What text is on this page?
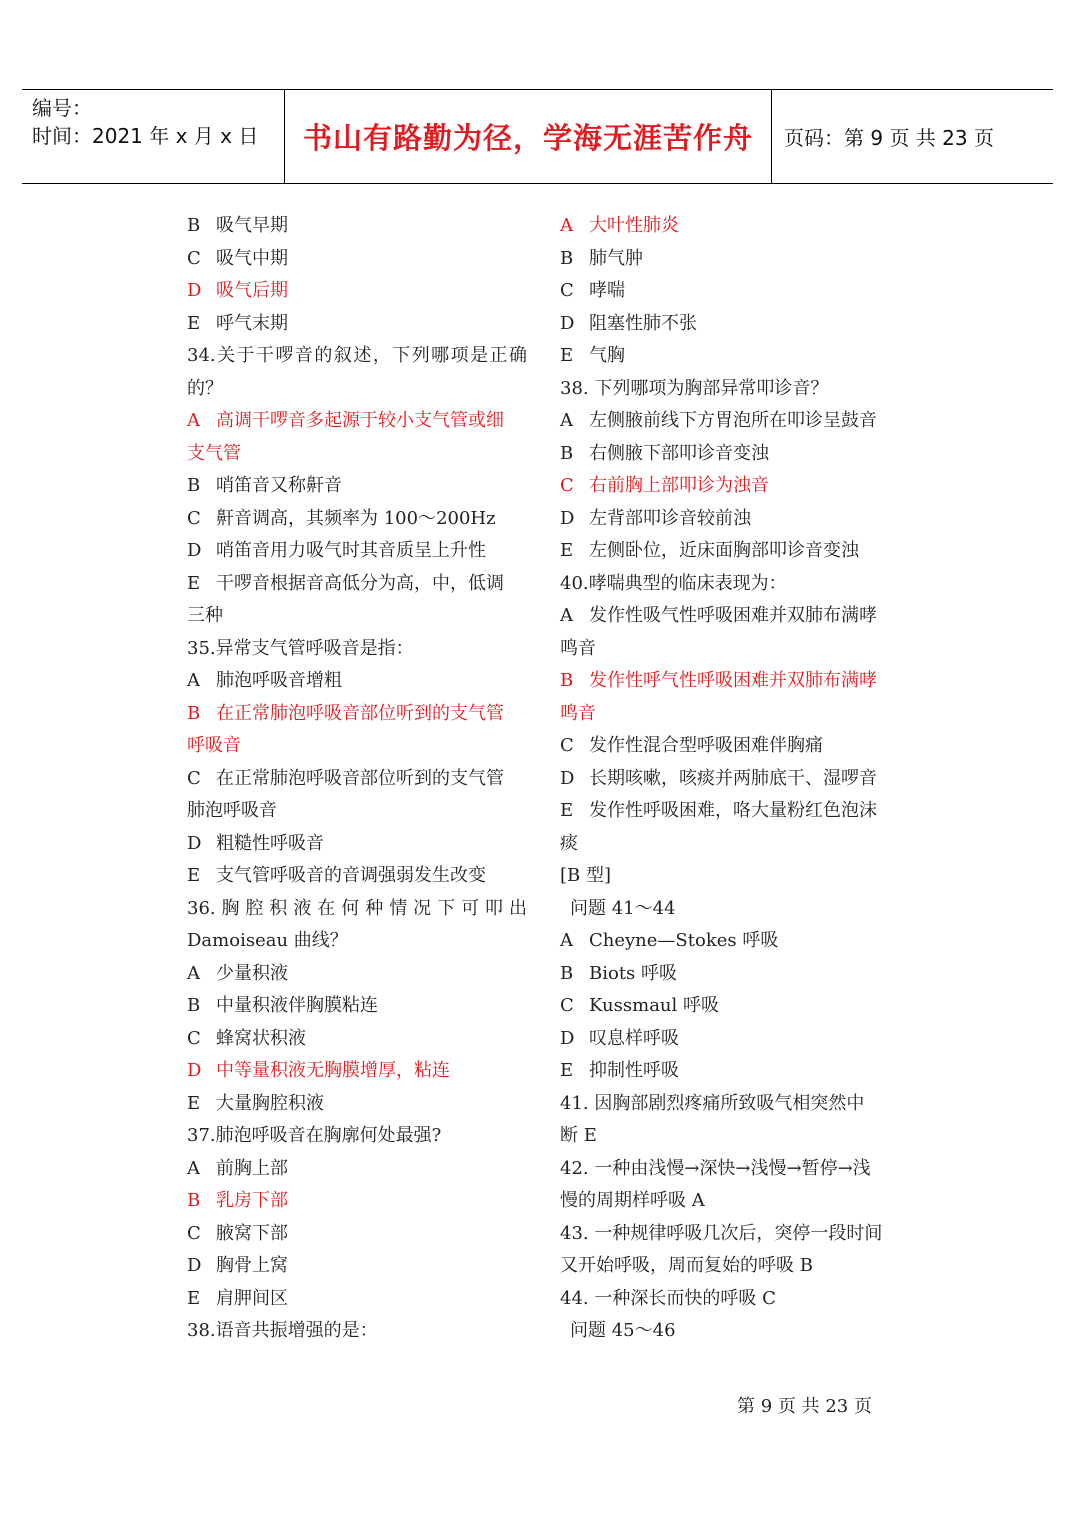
编号：
时间：2021 年 x 月 x 日	书山有路勤为径，学海无涯苦作舟	页码：第 9 页 共 23 页
B 吸气早期
C 吸气中期
D 吸气后期
E 呼气末期
34.关于干啰音的叙述，下列哪项是正确
的？
A 高调干啰音多起源于较小支气管或细
支气管
B 哨笛音又称鼾音
C 鼾音调高，其频率为 100～200Hz
D 哨笛音用力吸气时其音质呈上升性
E 干啰音根据音高低分为高，中，低调
三种
35.异常支气管呼吸音是指：
A 肺泡呼吸音增粗
B 在正常肺泡呼吸音部位听到的支气管
呼吸音
C 在正常肺泡呼吸音部位听到的支气管
肺泡呼吸音
D 粗糙性呼吸音
E 支气管呼吸音的音调强弱发生改变
36. 胸 腔 积 液 在 何 种 情 况 下 可 叩 出
Damoiseau 曲线？
A 少量积液
B 中量积液伴胸膜粘连
C 蜂窝状积液
D 中等量积液无胸膜增厚，粘连
E 大量胸腔积液
37.肺泡呼吸音在胸廓何处最强?
A 前胸上部
B 乳房下部
C 腋窝下部
D 胸骨上窝
E 肩胛间区
38.语音共振增强的是：
A 大叶性肺炎
B 肺气肿
C 哮喘
D 阻塞性肺不张
E 气胸
38. 下列哪项为胸部异常叩诊音？
A 左侧腋前线下方胃泡所在叩诊呈鼓音
B 右侧腋下部叩诊音变浊
C 右前胸上部叩诊为浊音
D 左背部叩诊音较前浊
E 左侧卧位，近床面胸部叩诊音变浊
40.哮喘典型的临床表现为：
A 发作性吸气性呼吸困难并双肺布满哮
鸣音
B 发作性呼气性呼吸困难并双肺布满哮
鸣音
C 发作性混合型呼吸困难伴胸痛
D 长期咳嗽，咳痰并两肺底干、湿啰音
E 发作性呼吸困难，咯大量粉红色泡沫
痰
[B 型]
问题 41～44
A Cheyne—Stokes 呼吸
B Biots 呼吸
C Kussmaul 呼吸
D 叹息样呼吸
E 抑制性呼吸
41. 因胸部剧烈疼痛所致吸气相突然中
断 E
42. 一种由浅慢→深快→浅慢→暂停→浅
慢的周期样呼吸 A
43. 一种规律呼吸几次后，突停一段时间
又开始呼吸，周而复始的呼吸 B
44. 一种深长而快的呼吸 C
问题 45～46
第 9 页 共 23 页
